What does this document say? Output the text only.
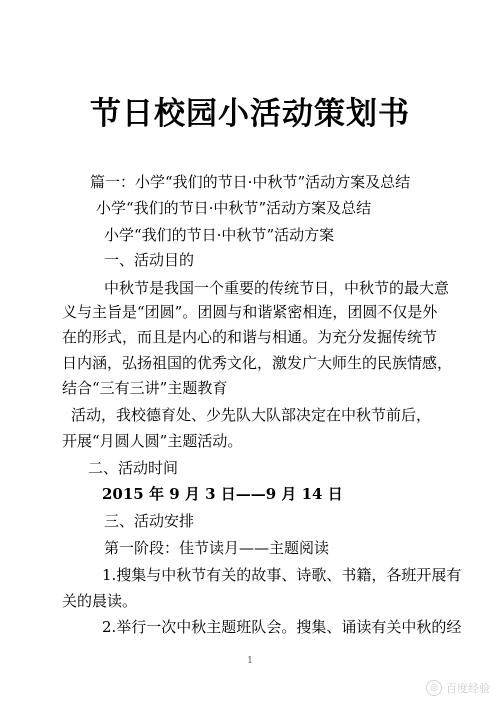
节日校园小活动策划书
篇一：小学“我们的节日·中秋节”活动方案及总结
小学“我们的节日·中秋节”活动方案及总结
小学“我们的节日·中秋节”活动方案
一、活动目的
中秋节是我国一个重要的传统节日，中秋节的最大意
义与主旨是“团圆”。团圆与和谐紧密相连，团圆不仅是外
在的形式，而且是内心的和谐与相通。为充分发掘传统节
日内涵，弘扬祖国的优秀文化，激发广大师生的民族情感，
结合“三有三讲”主题教育
活动，我校德育处、少先队大队部决定在中秋节前后，
开展“月圆人圆”主题活动。
二、活动时间
2015 年 9 月 3 日——9 月 14 日
三、活动安排
第一阶段：佳节读月——主题阅读
1.搜集与中秋节有关的故事、诗歌、书籍，各班开展有
关的晨读。
2.举行一次中秋主题班队会。搜集、诵读有关中秋的经
1
◎ 百度经验
